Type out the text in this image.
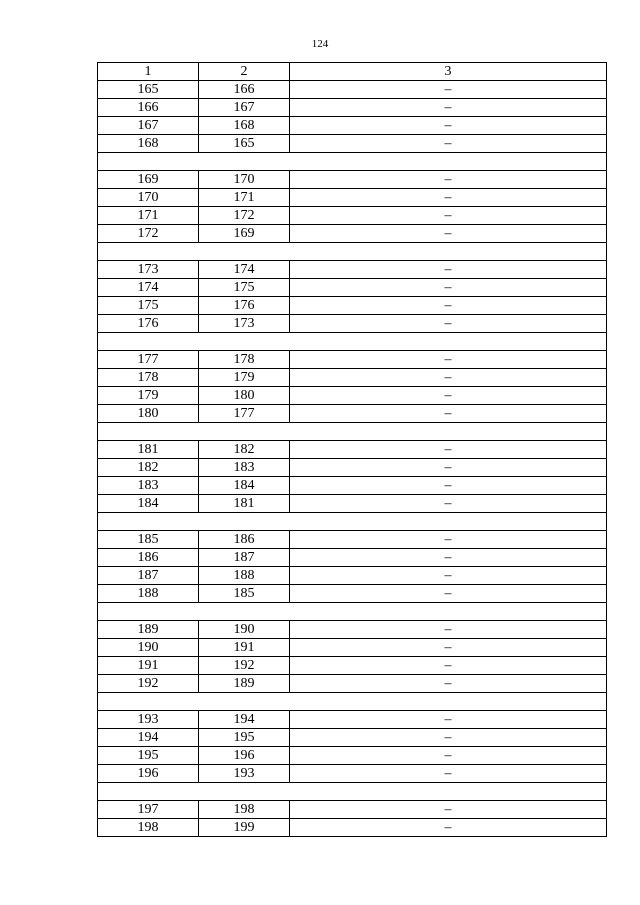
124
1	2	3
165	166	–
166	167	–
167	168	–
168	165	–

169	170	–
170	171	–
171	172	–
172	169	–

173	174	–
174	175	–
175	176	–
176	173	–

177	178	–
178	179	–
179	180	–
180	177	–

181	182	–
182	183	–
183	184	–
184	181	–

185	186	–
186	187	–
187	188	–
188	185	–

189	190	–
190	191	–
191	192	–
192	189	–

193	194	–
194	195	–
195	196	–
196	193	–

197	198	–
198	199	–
